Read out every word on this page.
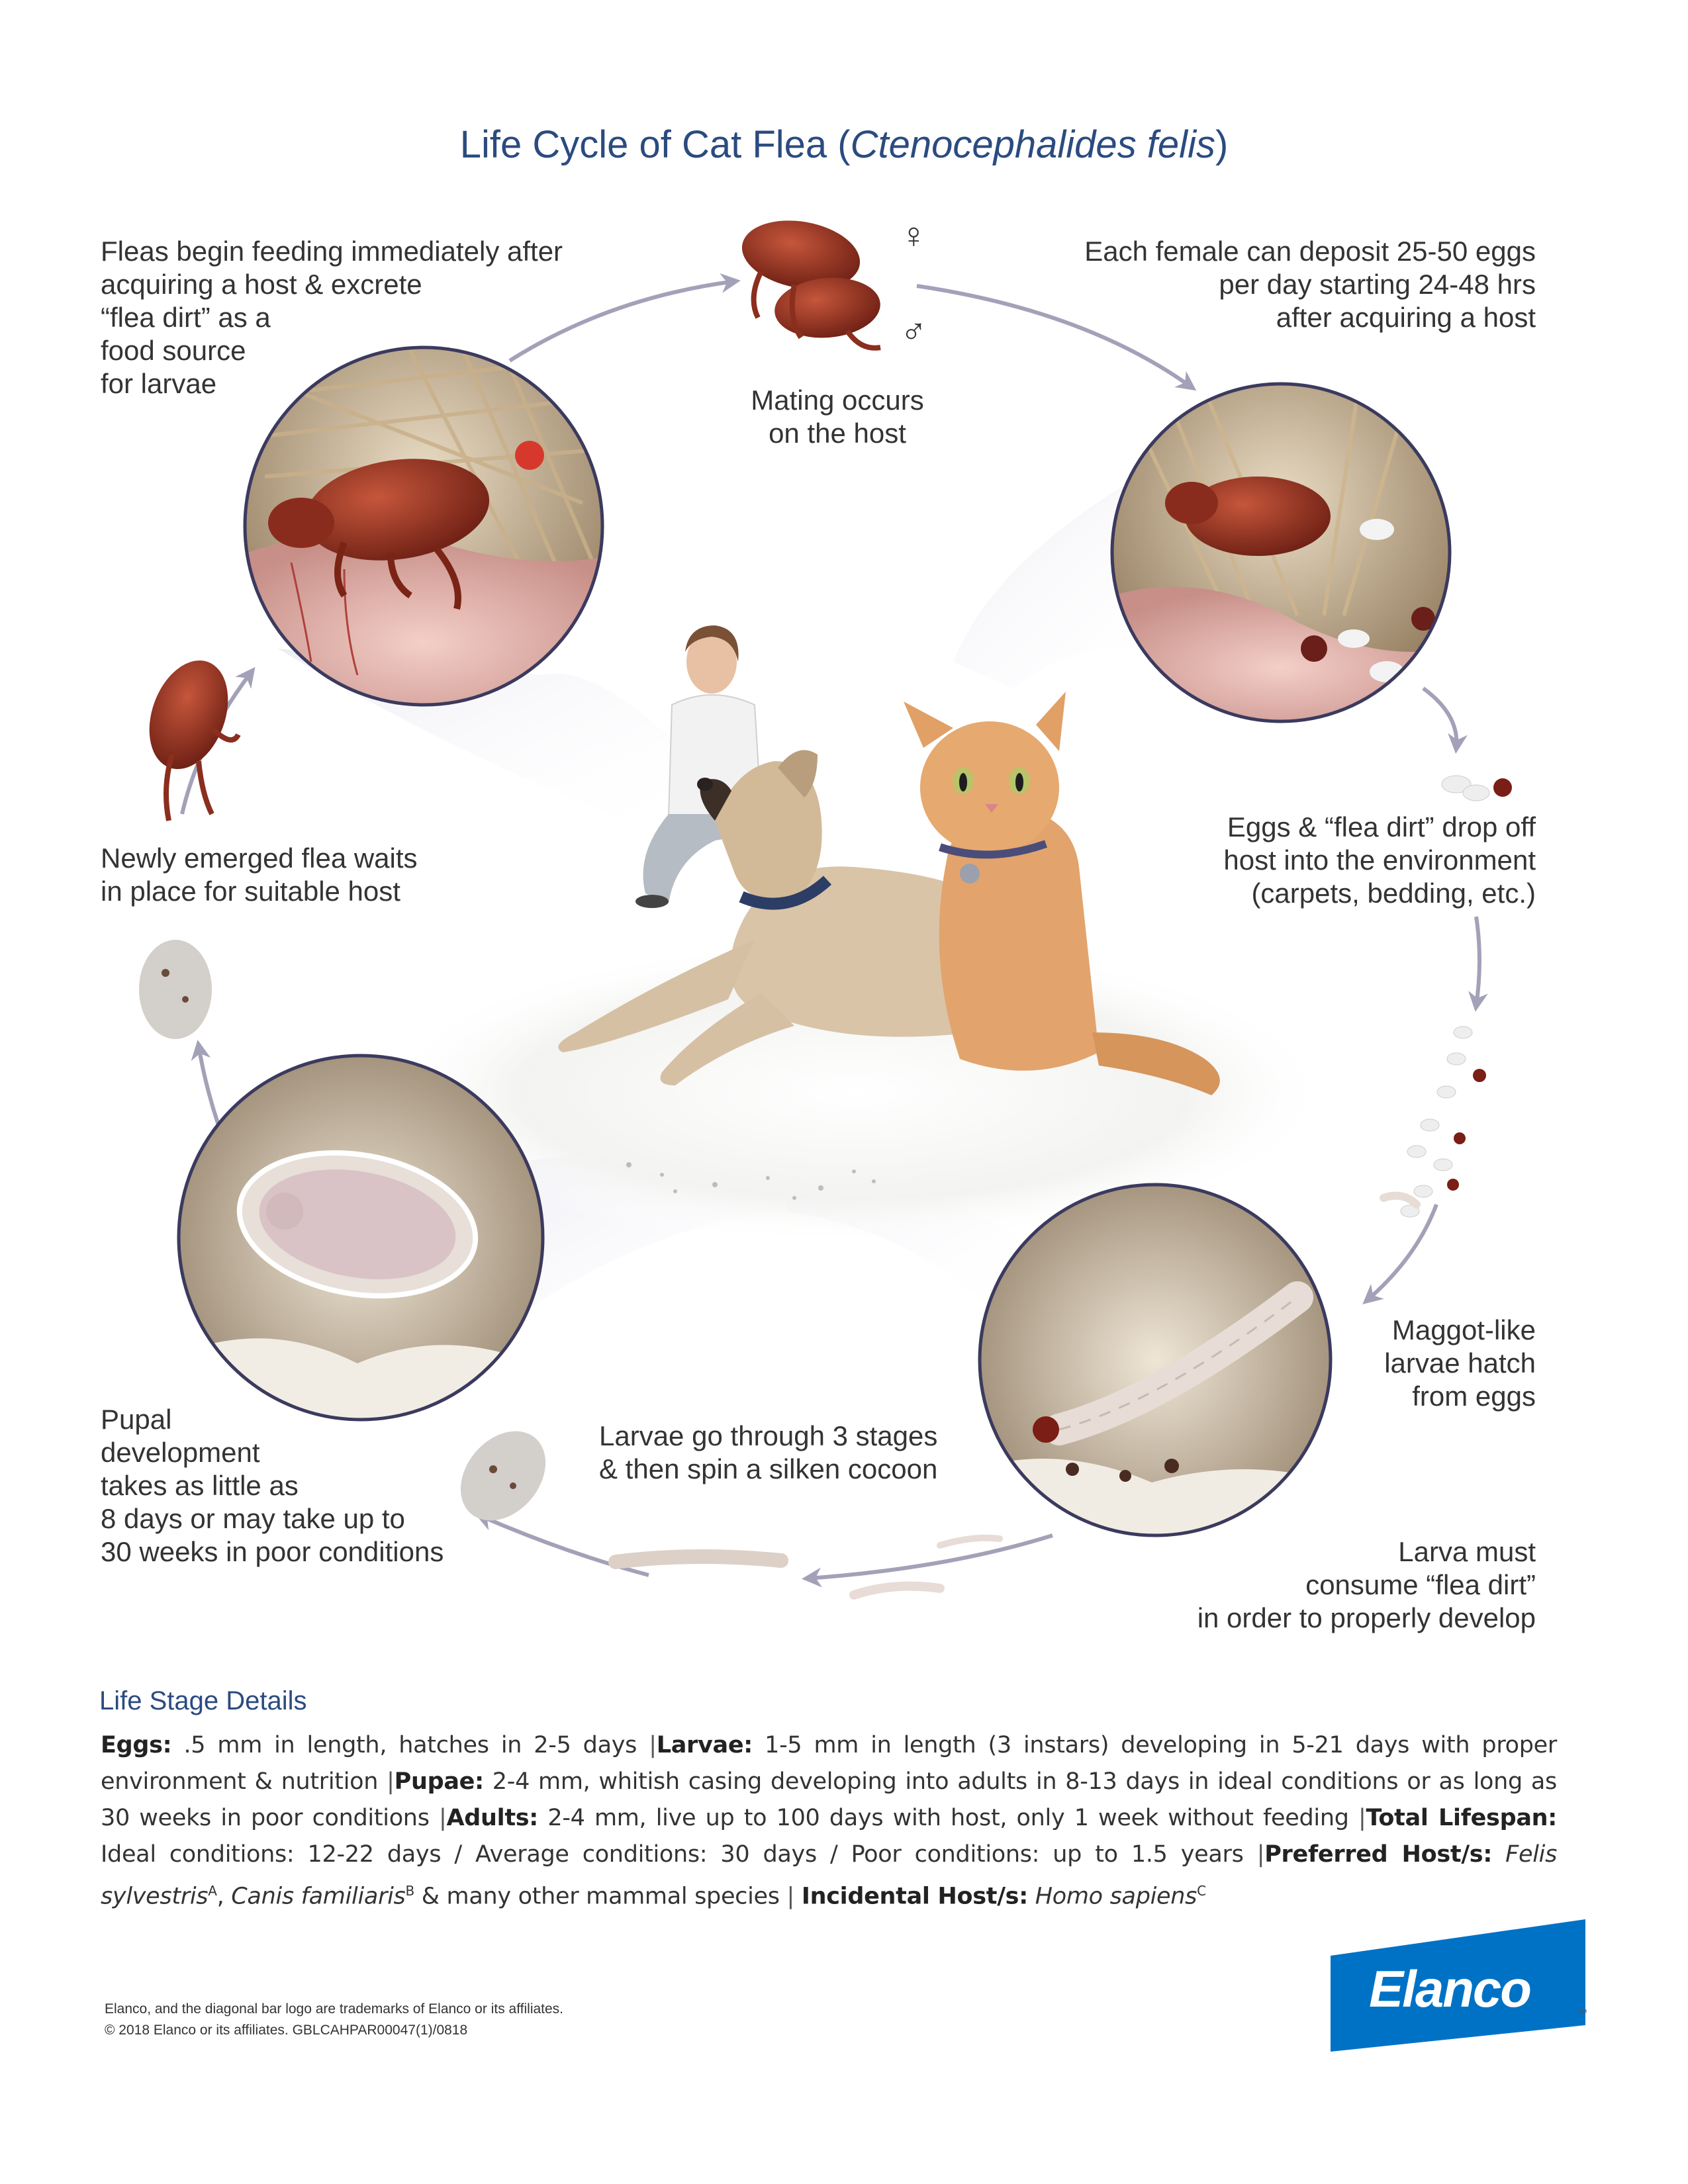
Life Cycle of Cat Flea (Ctenocephalides felis)
Fleas begin feeding immediately after
acquiring a host & excrete
“flea dirt” as a
food source
for larvae
Mating occurs
on the host
Each female can deposit 25-50 eggs
per day starting 24-48 hrs
after acquiring a host
Eggs & “flea dirt” drop off
host into the environment
(carpets, bedding, etc.)
Maggot-like
larvae hatch
from eggs
Larva must
consume “flea dirt”
in order to properly develop
Larvae go through 3 stages
& then spin a silken cocoon
Pupal
development
takes as little as
8 days or may take up to
30 weeks in poor conditions
Newly emerged flea waits
in place for suitable host
♀
♂
Life Stage Details
Eggs: .5 mm in length, hatches in 2-5 days |Larvae: 1-5 mm in length (3 instars) developing in 5-21 days with proper environment & nutrition |Pupae: 2-4 mm, whitish casing developing into adults in 8-13 days in ideal conditions or as long as 30 weeks in poor conditions |Adults: 2-4 mm, live up to 100 days with host, only 1 week without feeding |Total Lifespan: Ideal conditions: 12-22 days / Average conditions: 30 days / Poor conditions: up to 1.5 years |Preferred Host/s: Felis sylvestris$^A$, Canis familiaris$^B$ & many other mammal species | Incidental Host/s: Homo sapiens$^C$
Elanco, and the diagonal bar logo are trademarks of Elanco or its affiliates.
© 2018 Elanco or its affiliates. GBLCAHPAR00047(1)/0818
Elanco	™
